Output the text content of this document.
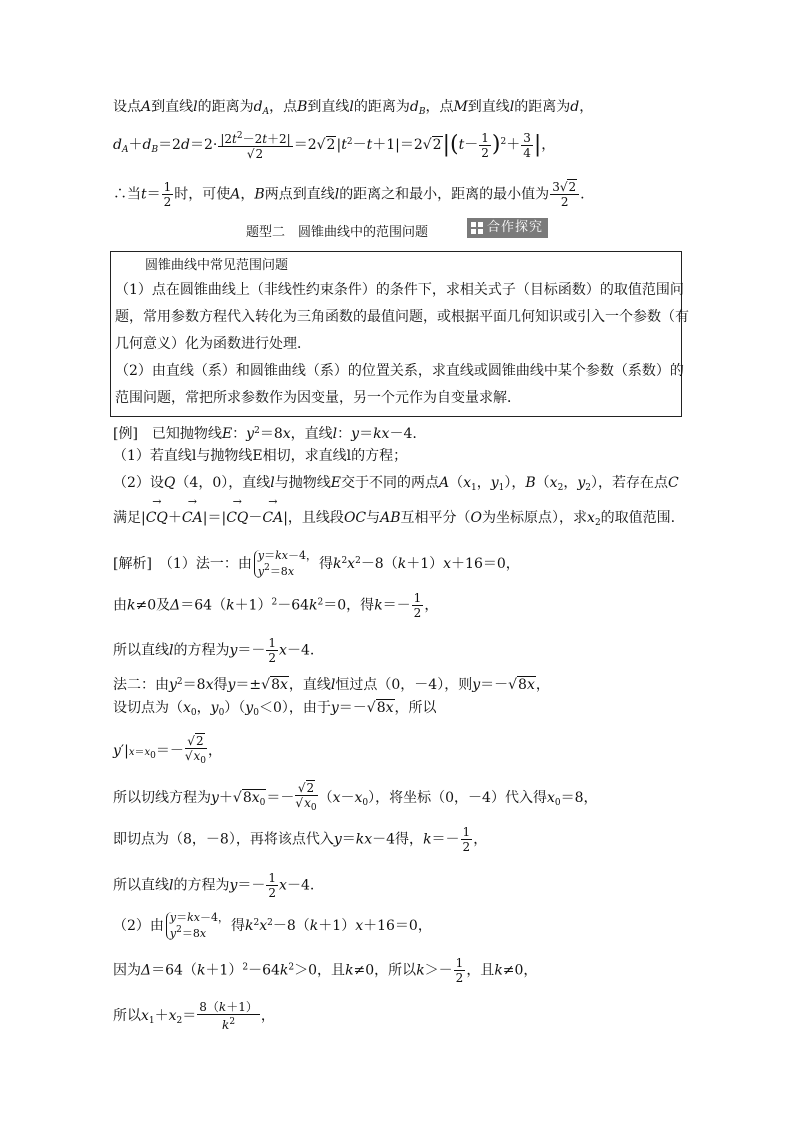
设点A到直线l的距离为$d_A$，点B到直线l的距离为$d_B$，点M到直线l的距离为d，
$d_A+d_B=2d=2\cdot \frac{|2t^2-2t+2|}{√2} =2√2|t^2-t+1|=2√2|(t- \frac{1}{2} )^2+ \frac{3}{4}$ |，
∴当$t= \frac{1}{2}$ 时，可使A，B两点到直线l的距离之和最小，距离的最小值为 $\frac{3√2}{2}$ .
题型二　圆锥曲线中的范围问题	合作探究
圆锥曲线中常见范围问题
（1）点在圆锥曲线上（非线性约束条件）的条件下，求相关式子（目标函数）的取值范围问
题，常用参数方程代入转化为三角函数的最值问题，或根据平面几何知识或引入一个参数（有
几何意义）化为函数进行处理．
（2）由直线（系）和圆锥曲线（系）的位置关系，求直线或圆锥曲线中某个参数（系数）的
范围问题，常把所求参数作为因变量，另一个元作为自变量求解．
[例]　已知抛物线E：$y^2=8x$，直线l：y＝kx－4.
（1）若直线l与抛物线E相切，求直线l的方程；
（2）设Q（4，0），直线l与抛物线E交于不同的两点$A(x_1$，$y_1$），$B(x_2$，$y_2$），若存在点C
满足|→ CQ＋→ CA|＝|→ CQ－→ CA|，且线段OC与AB互相平分（O为坐标原点），求$x_2$的取值范围.
[解析]　（1）法一：由
y＝kx－4，
$y^2=8x$	得$k^2x^2-8(k+1)x+16=0$，
由k≠0及$\Delta=64(k+1)^2-64k^2=0$，得$k=- \frac{1}{2}$ ，
所以直线l的方程为$y=- \frac{1}{2} x-4$.
法二：由$y^2=8x$得y＝±√8x，直线l恒过点（0，－4），则y＝－√8x，
设切点为（$x_0$，$y_0)(y_0<0)$，由于y＝－√8x，所以
$y'|x=x_0=- \frac{√2}{√x_0}$ ，
所以切线方程为$y+√8x_0=- \frac{√2}{√x_0} (x-x_0)$，将坐标（0，－4）代入得$x_0=8$，
即切点为（8，－8），再将该点代入y＝kx－4得，$k=- \frac{1}{2}$ ，
所以直线l的方程为$y=- \frac{1}{2} x-4$.
（2）由
y＝kx－4，
$y^2=8x$	得$k^2x^2-8(k+1)x+16=0$，
因为$\Delta=64(k+1)^2-64k^2>0$，且k≠0，所以$k>- \frac{1}{2}$ ，且k≠0，
所以$x_1+x_2= \frac{8(k+1)}{k^2}$ ，
